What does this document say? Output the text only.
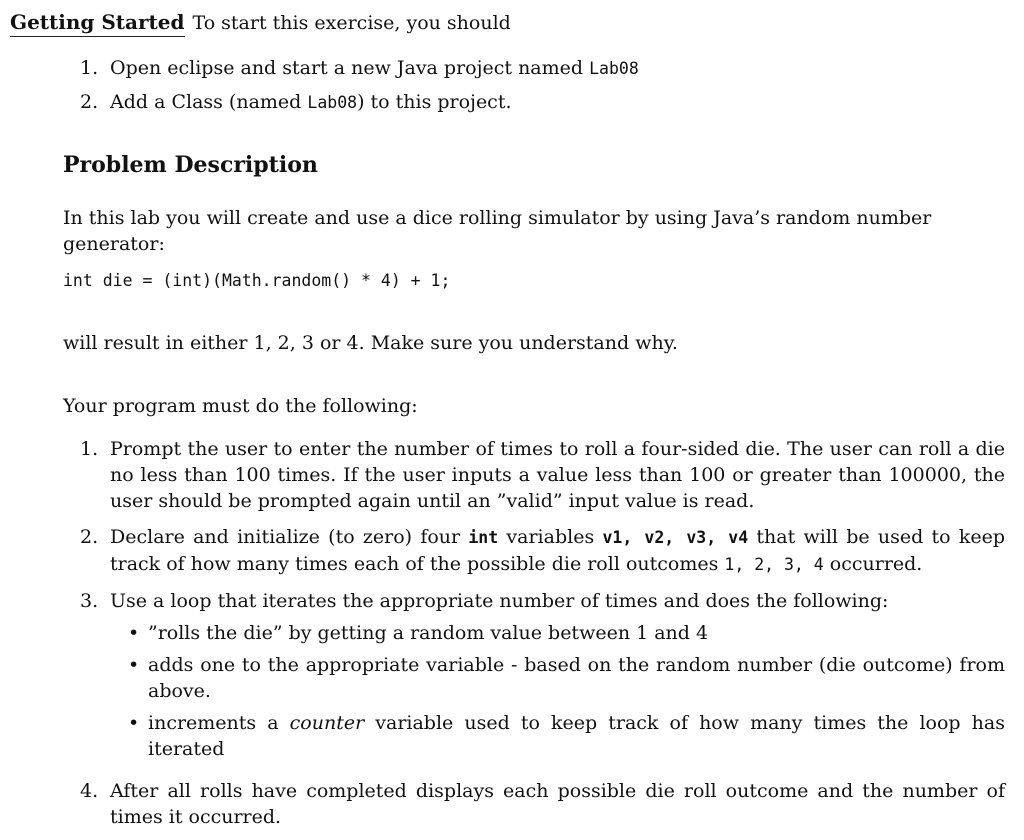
Getting Started To start this exercise, you should
1. Open eclipse and start a new Java project named Lab08
2. Add a Class (named Lab08) to this project.
Problem Description
In this lab you will create and use a dice rolling simulator by using Java’s random number generator:
int die = (int)(Math.random() * 4) + 1;
will result in either 1, 2, 3 or 4. Make sure you understand why.
Your program must do the following:
1. Prompt the user to enter the number of times to roll a four-sided die. The user can roll a die no less than 100 times. If the user inputs a value less than 100 or greater than 100000, the user should be prompted again until an ”valid” input value is read.
2. Declare and initialize (to zero) four int variables v1, v2, v3, v4 that will be used to keep track of how many times each of the possible die roll outcomes 1, 2, 3, 4 occurred.
3. Use a loop that iterates the appropriate number of times and does the following:
• ”rolls the die” by getting a random value between 1 and 4
• adds one to the appropriate variable - based on the random number (die outcome) from above.
• increments a counter variable used to keep track of how many times the loop has iterated
4. After all rolls have completed displays each possible die roll outcome and the number of times it occurred.
